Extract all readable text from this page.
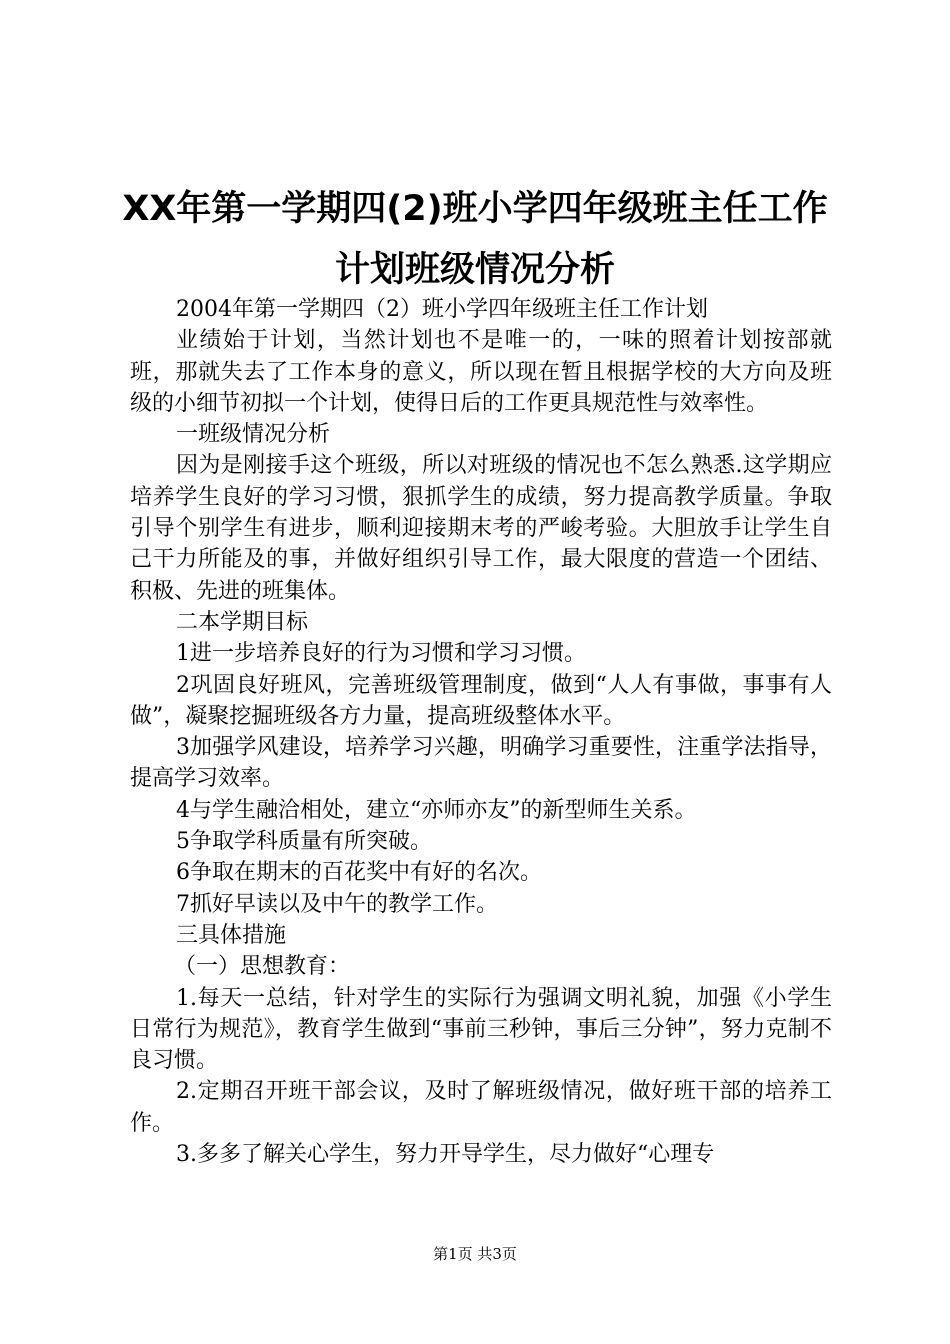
XX年第一学期四(2)班小学四年级班主任工作
计划班级情况分析

2004年第一学期四（2）班小学四年级班主任工作计划

业绩始于计划，当然计划也不是唯一的，一味的照着计划按部就班，那就失去了工作本身的意义，所以现在暂且根据学校的大方向及班级的小细节初拟一个计划，使得日后的工作更具规范性与效率性。

一班级情况分析

因为是刚接手这个班级，所以对班级的情况也不怎么熟悉.这学期应培养学生良好的学习习惯，狠抓学生的成绩，努力提高教学质量。争取引导个别学生有进步，顺利迎接期末考的严峻考验。大胆放手让学生自己干力所能及的事，并做好组织引导工作，最大限度的营造一个团结、积极、先进的班集体。

二本学期目标

1进一步培养良好的行为习惯和学习习惯。

2巩固良好班风，完善班级管理制度，做到“人人有事做，事事有人做”，凝聚挖掘班级各方力量，提高班级整体水平。

3加强学风建设，培养学习兴趣，明确学习重要性，注重学法指导，提高学习效率。

4与学生融洽相处，建立“亦师亦友”的新型师生关系。

5争取学科质量有所突破。

6争取在期末的百花奖中有好的名次。

7抓好早读以及中午的教学工作。

三具体措施

（一）思想教育：

1.每天一总结，针对学生的实际行为强调文明礼貌，加强《小学生日常行为规范》，教育学生做到“事前三秒钟，事后三分钟”，努力克制不良习惯。

2.定期召开班干部会议，及时了解班级情况，做好班干部的培养工作。

3.多多了解关心学生，努力开导学生，尽力做好“心理专

第1页 共3页
